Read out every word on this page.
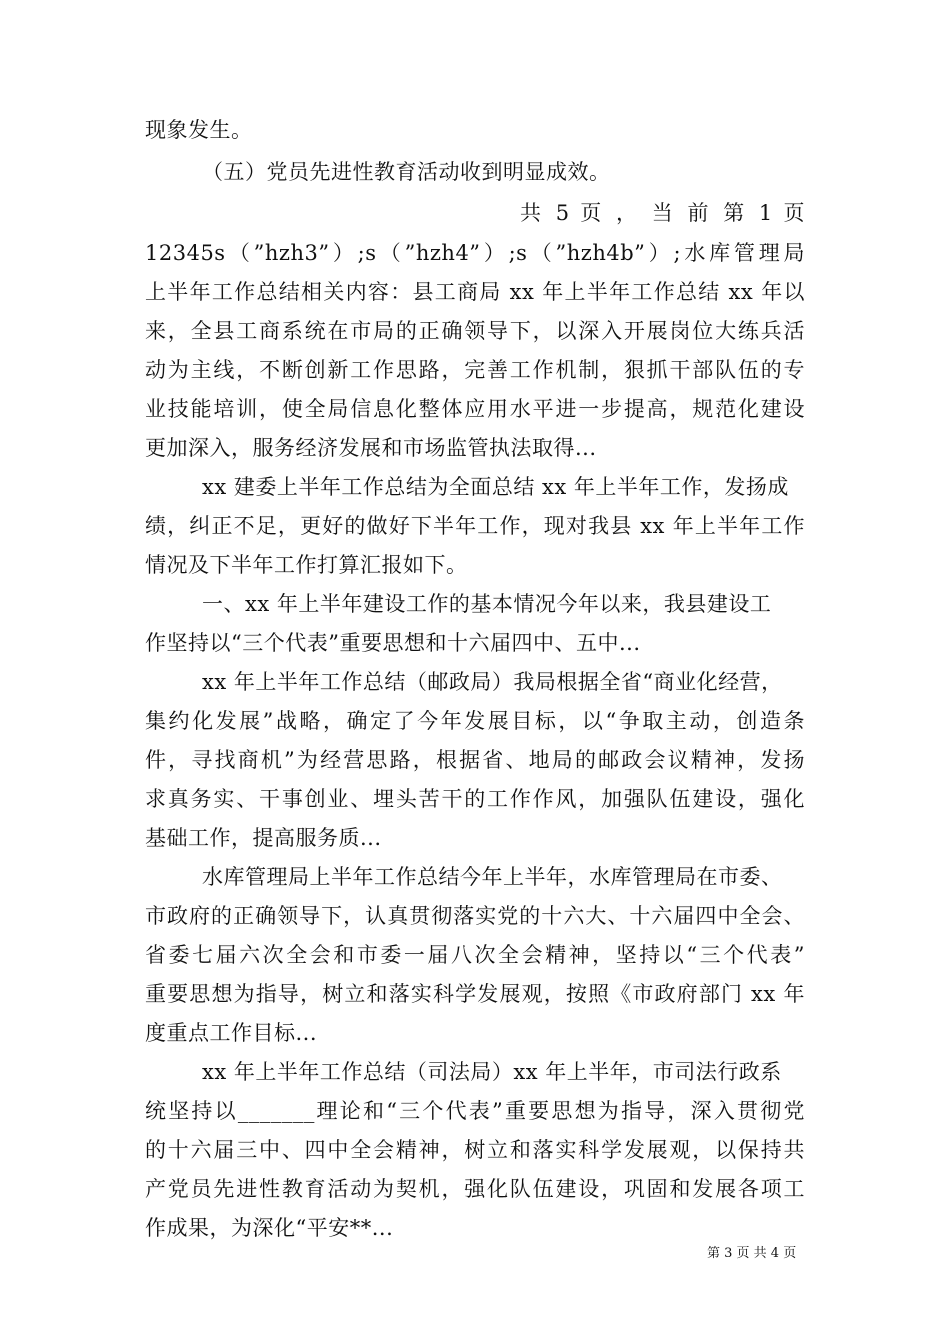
现象发生。
（五）党员先进性教育活动收到明显成效。
共 5 页 ， 当 前 第 1 页
12345s（”hzh3”）;s（”hzh4”）;s（”hzh4b”）;水库管理局
上半年工作总结相关内容：县工商局 xx 年上半年工作总结 xx 年以
来，全县工商系统在市局的正确领导下，以深入开展岗位大练兵活
动为主线，不断创新工作思路，完善工作机制，狠抓干部队伍的专
业技能培训，使全局信息化整体应用水平进一步提高，规范化建设
更加深入，服务经济发展和市场监管执法取得...
xx 建委上半年工作总结为全面总结 xx 年上半年工作，发扬成
绩，纠正不足，更好的做好下半年工作，现对我县 xx 年上半年工作
情况及下半年工作打算汇报如下。
一、xx 年上半年建设工作的基本情况今年以来，我县建设工
作坚持以“三个代表”重要思想和十六届四中、五中...
xx 年上半年工作总结（邮政局）我局根据全省“商业化经营，
集约化发展”战略，确定了今年发展目标，以“争取主动，创造条
件，寻找商机”为经营思路，根据省、地局的邮政会议精神，发扬
求真务实、干事创业、埋头苦干的工作作风，加强队伍建设，强化
基础工作，提高服务质...
水库管理局上半年工作总结今年上半年，水库管理局在市委、
市政府的正确领导下，认真贯彻落实党的十六大、十六届四中全会、
省委七届六次全会和市委一届八次全会精神，坚持以“三个代表”
重要思想为指导，树立和落实科学发展观，按照《市政府部门 xx 年
度重点工作目标...
xx 年上半年工作总结（司法局）xx 年上半年，市司法行政系
统坚持以_______理论和“三个代表”重要思想为指导，深入贯彻党
的十六届三中、四中全会精神，树立和落实科学发展观，以保持共
产党员先进性教育活动为契机，强化队伍建设，巩固和发展各项工
作成果，为深化“平安**...
第 3 页 共 4 页
